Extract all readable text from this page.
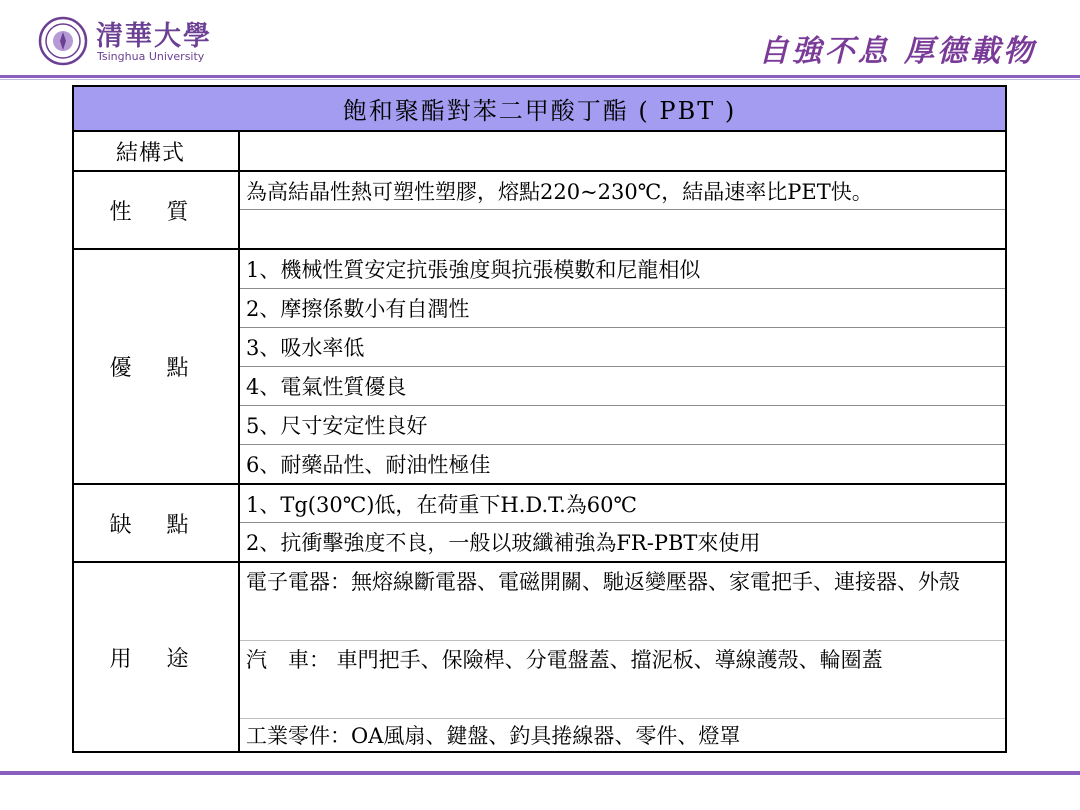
清華大學
Tsinghua University	自強不息 厚德載物
飽和聚酯對苯二甲酸丁酯 ( PBT )
結構式
性 質
為高結晶性熱可塑性塑膠，熔點220~230℃，結晶速率比PET快。
優 點
1、機械性質安定抗張強度與抗張模數和尼龍相似
2、摩擦係數小有自潤性
3、吸水率低
4、電氣性質優良
5、尺寸安定性良好
6、耐藥品性、耐油性極佳
缺 點
1、Tg(30℃)低，在荷重下H.D.T.為60℃
2、抗衝擊強度不良，一般以玻纖補強為FR-PBT來使用
用 途
電子電器：無熔線斷電器、電磁開關、馳返變壓器、家電把手、連接器、外殼
汽　車： 車門把手、保險桿、分電盤蓋、擋泥板、導線護殼、輪圈蓋
工業零件：OA風扇、鍵盤、釣具捲線器、零件、燈罩
